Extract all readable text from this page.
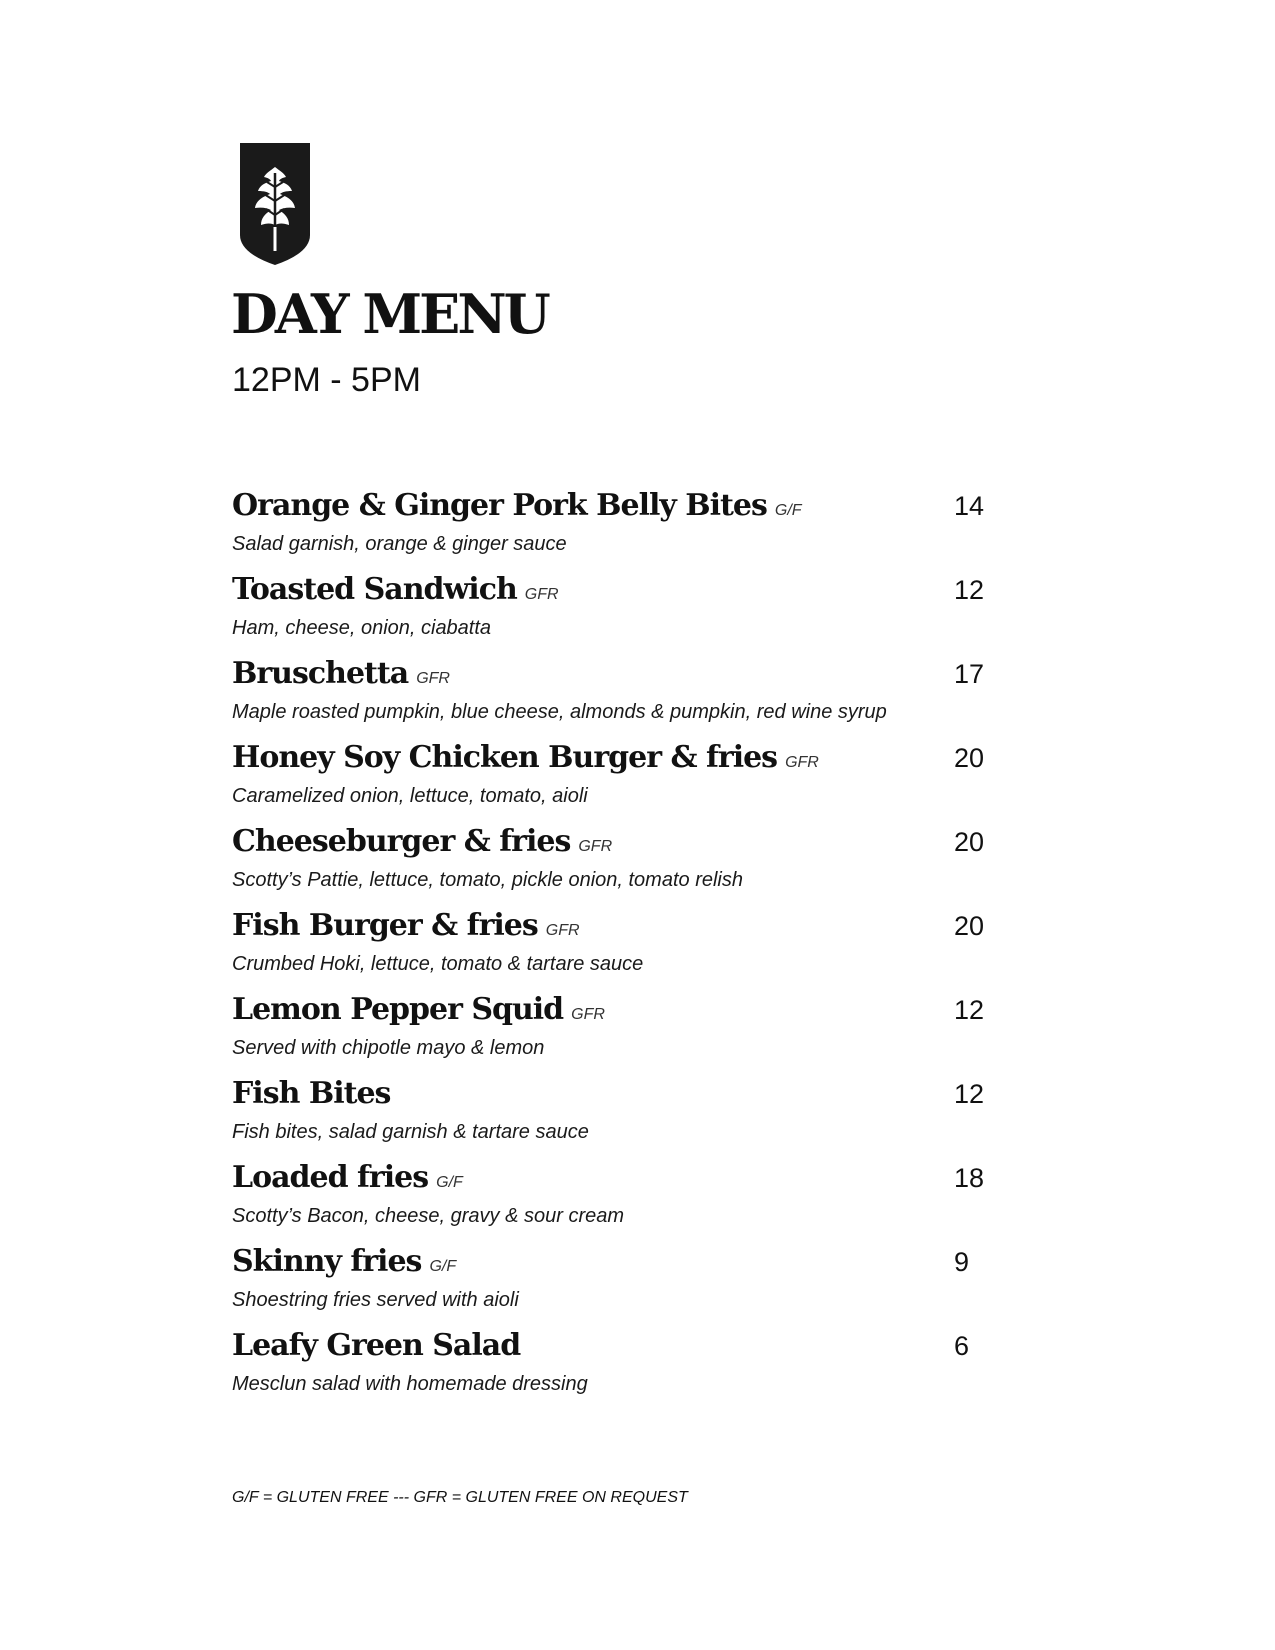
DAY MENU
12PM - 5PM
Orange & Ginger Pork Belly Bites G/F
Salad garnish, orange & ginger sauce
14
Toasted Sandwich GFR
Ham, cheese, onion, ciabatta
12
Bruschetta GFR
Maple roasted pumpkin, blue cheese, almonds & pumpkin, red wine syrup
17
Honey Soy Chicken Burger & fries GFR
Caramelized onion, lettuce, tomato, aioli
20
Cheeseburger & fries GFR
Scotty’s Pattie, lettuce, tomato, pickle onion, tomato relish
20
Fish Burger & fries GFR
Crumbed Hoki, lettuce, tomato & tartare sauce
20
Lemon Pepper Squid GFR
Served with chipotle mayo & lemon
12
Fish Bites
Fish bites, salad garnish & tartare sauce
12
Loaded fries G/F
Scotty’s Bacon, cheese, gravy & sour cream
18
Skinny fries G/F
Shoestring fries served with aioli
9
Leafy Green Salad
Mesclun salad with homemade dressing
6
G/F = GLUTEN FREE --- GFR = GLUTEN FREE ON REQUEST
